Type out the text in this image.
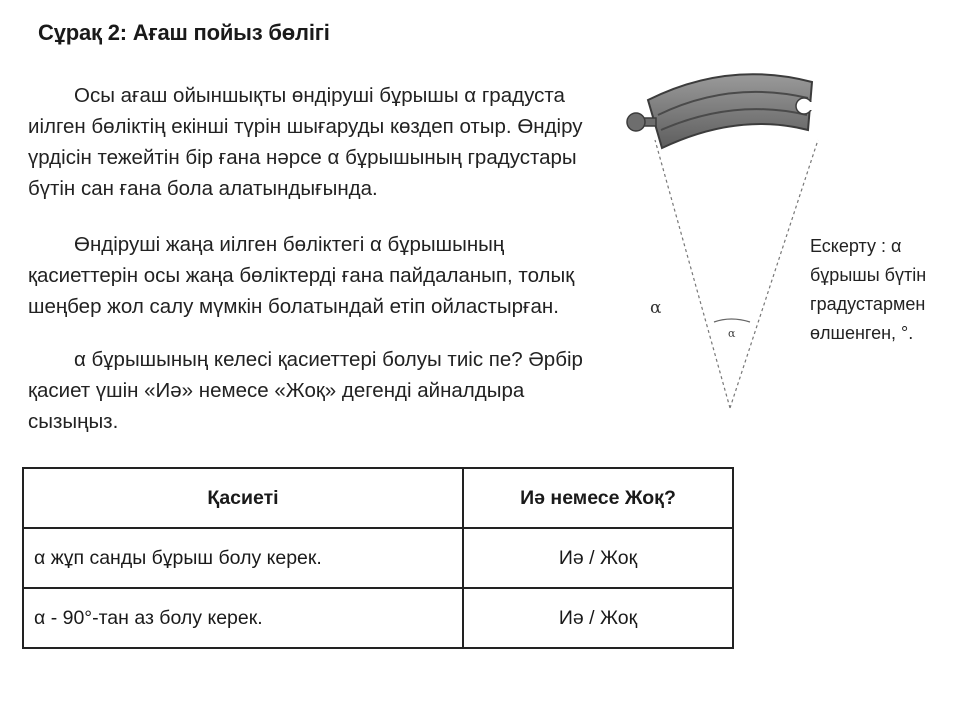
Сұрақ 2: Ағаш пойыз бөлігі

Осы ағаш ойыншықты өндіруші бұрышы α градуста иілген бөліктің екінші түрін шығаруды көздеп отыр. Өндіру үрдісін тежейтін бір ғана нәрсе α бұрышының градустары бүтін сан ғана бола алатындығында.

Өндіруші жаңа иілген бөліктегі α бұрышының қасиеттерін осы жаңа бөліктерді ғана пайдаланып, толық шеңбер жол салу мүмкін болатындай етіп ойластырған.

α бұрышының келесі қасиеттері болуы тиіс пе? Әрбір қасиет үшін «Иә» немесе «Жоқ» дегенді айналдыра сызыңыз.

α
α
Ескерту : α бұрышы бүтін градустармен өлшенген, °.
Қасиеті	Иә немесе Жоқ?
α жұп санды бұрыш болу керек.	Иә / Жоқ
α - 90°-тан аз болу керек.	Иә / Жоқ
